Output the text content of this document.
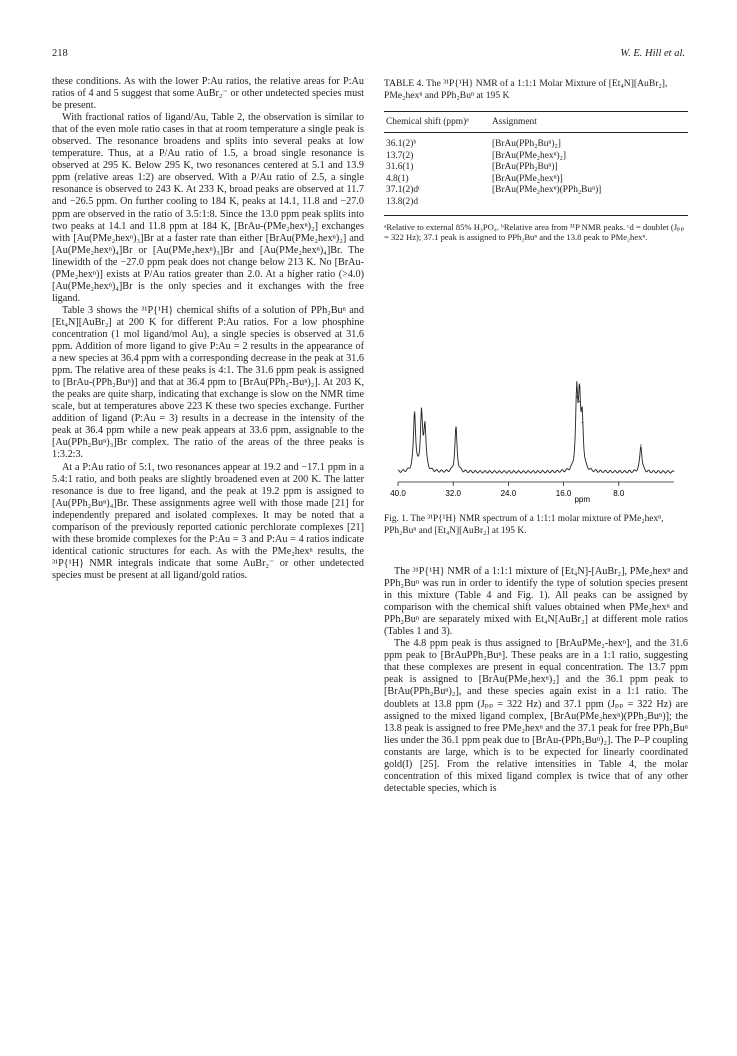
218	W. E. Hill et al.

these conditions. As with the lower P:Au ratios, the relative areas for P:Au ratios of 4 and 5 suggest that some AuBr₂⁻ or other undetected species must be present.

With fractional ratios of ligand/Au, Table 2, the observation is similar to that of the even mole ratio cases in that at room temperature a single peak is observed. The resonance broadens and splits into several peaks at low temperature. Thus, at a P/Au ratio of 1.5, a broad single resonance is observed at 295 K. Below 295 K, two resonances centered at 5.1 and 13.9 ppm (relative areas 1:2) are observed. With a P/Au ratio of 2.5, a single resonance is observed to 243 K. At 233 K, broad peaks are observed at 11.7 and −26.5 ppm. On further cooling to 184 K, peaks at 14.1, 11.8 and −27.0 ppm are observed in the ratio of 3.5:1:8. Since the 13.0 ppm peak splits into two peaks at 14.1 and 11.8 ppm at 184 K, [BrAu-(PMe₂hexⁿ)₂] exchanges with [Au(PMe₂hexⁿ)₃]Br at a faster rate than either [BrAu(PMe₂hexⁿ)₂] and [Au(PMe₂hexⁿ)₄]Br or [Au(PMe₂hexⁿ)₃]Br and [Au(PMe₂hexⁿ)₄]Br. The linewidth of the −27.0 ppm peak does not change below 213 K. No [BrAu-(PMe₂hexⁿ)] exists at P/Au ratios greater than 2.0. At a higher ratio (>4.0) [Au(PMe₂hexⁿ)₄]Br is the only species and it exchanges with the free ligand.

Table 3 shows the ³¹P{¹H} chemical shifts of a solution of PPh₂Buⁿ and [Et₄N][AuBr₂] at 200 K for different P:Au ratios. For a low phosphine concentration (1 mol ligand/mol Au), a single species is observed at 31.6 ppm. Addition of more ligand to give P:Au = 2 results in the appearance of a new species at 36.4 ppm with a corresponding decrease in the peak at 31.6 ppm. The relative area of these peaks is 4:1. The 31.6 ppm peak is assigned to [BrAu-(PPh₂Buⁿ)] and that at 36.4 ppm to [BrAu(PPh₂-Buⁿ)₂]. At 203 K, the peaks are quite sharp, indicating that exchange is slow on the NMR time scale, but at temperatures above 223 K these two species exchange. Further addition of ligand (P:Au = 3) results in a decrease in the intensity of the peak at 36.4 ppm while a new peak appears at 33.6 ppm, assignable to the [Au(PPh₂Buⁿ)₃]Br complex. The ratio of the areas of the three peaks is 1:3.2:3.

At a P:Au ratio of 5:1, two resonances appear at 19.2 and −17.1 ppm in a 5.4:1 ratio, and both peaks are slightly broadened even at 200 K. The latter resonance is due to free ligand, and the peak at 19.2 ppm is assigned to [Au(PPh₂Buⁿ)₄]Br. These assignments agree well with those made [21] for independently prepared and isolated complexes. It may be noted that a comparison of the previously reported cationic perchlorate complexes [21] with these bromide complexes for the P:Au = 3 and P:Au = 4 ratios indicate identical cationic structures for each. As with the PMe₂hexⁿ results, the ³¹P{¹H} NMR integrals indicate that some AuBr₂⁻ or other undetected species must be present at all ligand/gold ratios.

TABLE 4. The ³¹P{¹H} NMR of a 1:1:1 Molar Mixture of [Et₄N][AuBr₂], PMe₂hexⁿ and PPh₂Buⁿ at 195 K
Chemical shift (ppm)ᵃ	Assignment
36.1(2)ᵇ	[BrAu(PPh₂Buⁿ)₂]
13.7(2)	[BrAu(PMe₂hexⁿ)₂]
31.6(1)	[BrAu(PPh₂Buⁿ)]
4.8(1)	[BrAu(PMe₂hexⁿ)]
37.1(2)dᶜ	[BrAu(PMe₂hexⁿ)(PPh₂Buⁿ)]
13.8(2)d
ᵃRelative to external 85% H₃PO₄. ᵇRelative area from ³¹P NMR peaks. ᶜd = doublet (Jₚₚ = 322 Hz); 37.1 peak is assigned to PPh₂Buⁿ and the 13.8 peak to PMe₂hexⁿ.
40.0	32.0	24.0	16.0	8.0
ppm
Fig. 1. The ³¹P{¹H} NMR spectrum of a 1:1:1 molar mixture of PMe₂hexⁿ, PPh₂Buⁿ and [Et₄N][AuBr₂] at 195 K.

The ³¹P{¹H} NMR of a 1:1:1 mixture of [Et₄N]-[AuBr₂], PMe₂hexⁿ and PPh₂Buⁿ was run in order to identify the type of solution species present in this mixture (Table 4 and Fig. 1). All peaks can be assigned by comparison with the chemical shift values obtained when PMe₂hexⁿ and PPh₂Buⁿ are separately mixed with Et₄N[AuBr₂] at different mole ratios (Tables 1 and 3).

The 4.8 ppm peak is thus assigned to [BrAuPMe₂-hexⁿ], and the 31.6 ppm peak to [BrAuPPh₂Buⁿ]. These peaks are in a 1:1 ratio, suggesting that these complexes are present in equal concentration. The 13.7 ppm peak is assigned to [BrAu(PMe₂hexⁿ)₂] and the 36.1 ppm peak to [BrAu(PPh₂Buⁿ)₂], and these species again exist in a 1:1 ratio. The doublets at 13.8 ppm (Jₚₚ = 322 Hz) and 37.1 ppm (Jₚₚ = 322 Hz) are assigned to the mixed ligand complex, [BrAu(PMe₂hexⁿ)(PPh₂Buⁿ)]; the 13.8 peak is assigned to free PMe₂hexⁿ and the 37.1 peak for free PPh₂Buⁿ lies under the 36.1 ppm peak due to [BrAu-(PPh₂Buⁿ)₂]. The P–P coupling constants are large, which is to be expected for linearly coordinated gold(I) [25]. From the relative intensities in Table 4, the molar concentration of this mixed ligand complex is twice that of any other detectable species, which is
